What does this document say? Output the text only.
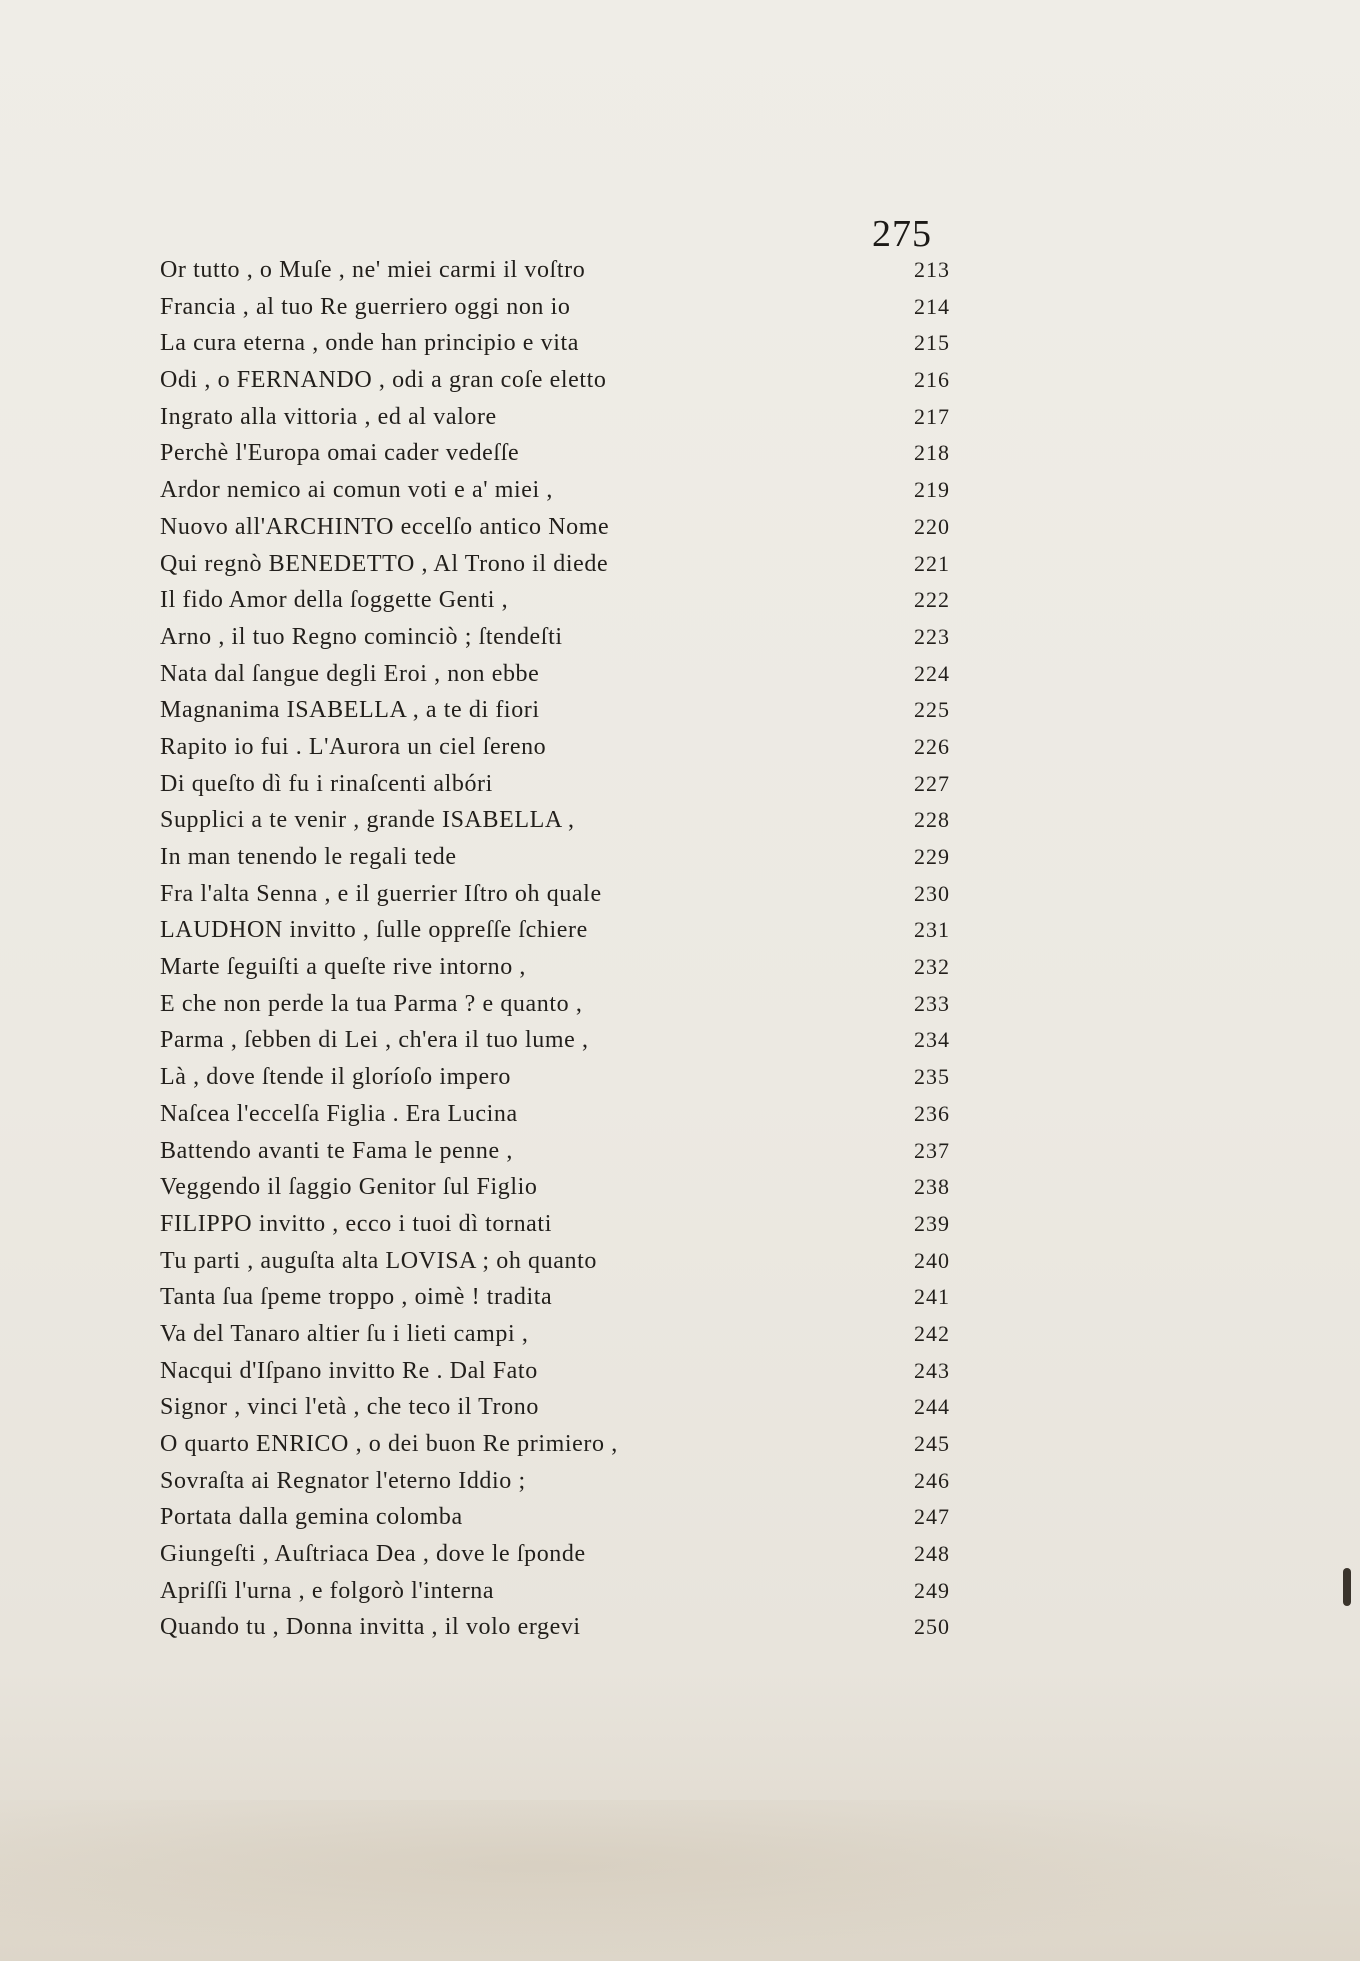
275
Or tutto , o Muſe , ne' miei carmi il voſtro	213
Francia , al tuo Re guerriero oggi non io	214
La cura eterna , onde han principio e vita	215
Odi , o FERNANDO , odi a gran coſe eletto	216
Ingrato alla vittoria , ed al valore	217
Perchè l'Europa omai cader vedeſſe	218
Ardor nemico ai comun voti e a' miei ,	219
Nuovo all'ARCHINTO eccelſo antico Nome	220
Qui regnò BENEDETTO , Al Trono il diede	221
Il fido Amor della ſoggette Genti ,	222
Arno , il tuo Regno cominciò ; ſtendeſti	223
Nata dal ſangue degli Eroi , non ebbe	224
Magnanima ISABELLA , a te di fiori	225
Rapito io fui . L'Aurora un ciel ſereno	226
Di queſto dì fu i rinaſcenti albóri	227
Supplici a te venir , grande ISABELLA ,	228
In man tenendo le regali tede	229
Fra l'alta Senna , e il guerrier Iſtro oh quale	230
LAUDHON invitto , ſulle oppreſſe ſchiere	231
Marte ſeguiſti a queſte rive intorno ,	232
E che non perde la tua Parma ? e quanto ,	233
Parma , ſebben di Lei , ch'era il tuo lume ,	234
Là , dove ſtende il gloríoſo impero	235
Naſcea l'eccelſa Figlia . Era Lucina	236
Battendo avanti te Fama le penne ,	237
Veggendo il ſaggio Genitor ſul Figlio	238
FILIPPO invitto , ecco i tuoi dì tornati	239
Tu parti , auguſta alta LOVISA ; oh quanto	240
Tanta ſua ſpeme troppo , oimè ! tradita	241
Va del Tanaro altier ſu i lieti campi ,	242
Nacqui d'Iſpano invitto Re . Dal Fato	243
Signor , vinci l'età , che teco il Trono	244
O quarto ENRICO , o dei buon Re primiero ,	245
Sovraſta ai Regnator l'eterno Iddio ;	246
Portata dalla gemina colomba	247
Giungeſti , Auſtriaca Dea , dove le ſponde	248
Apriſſi l'urna , e folgorò l'interna	249
Quando tu , Donna invitta , il volo ergevi	250
